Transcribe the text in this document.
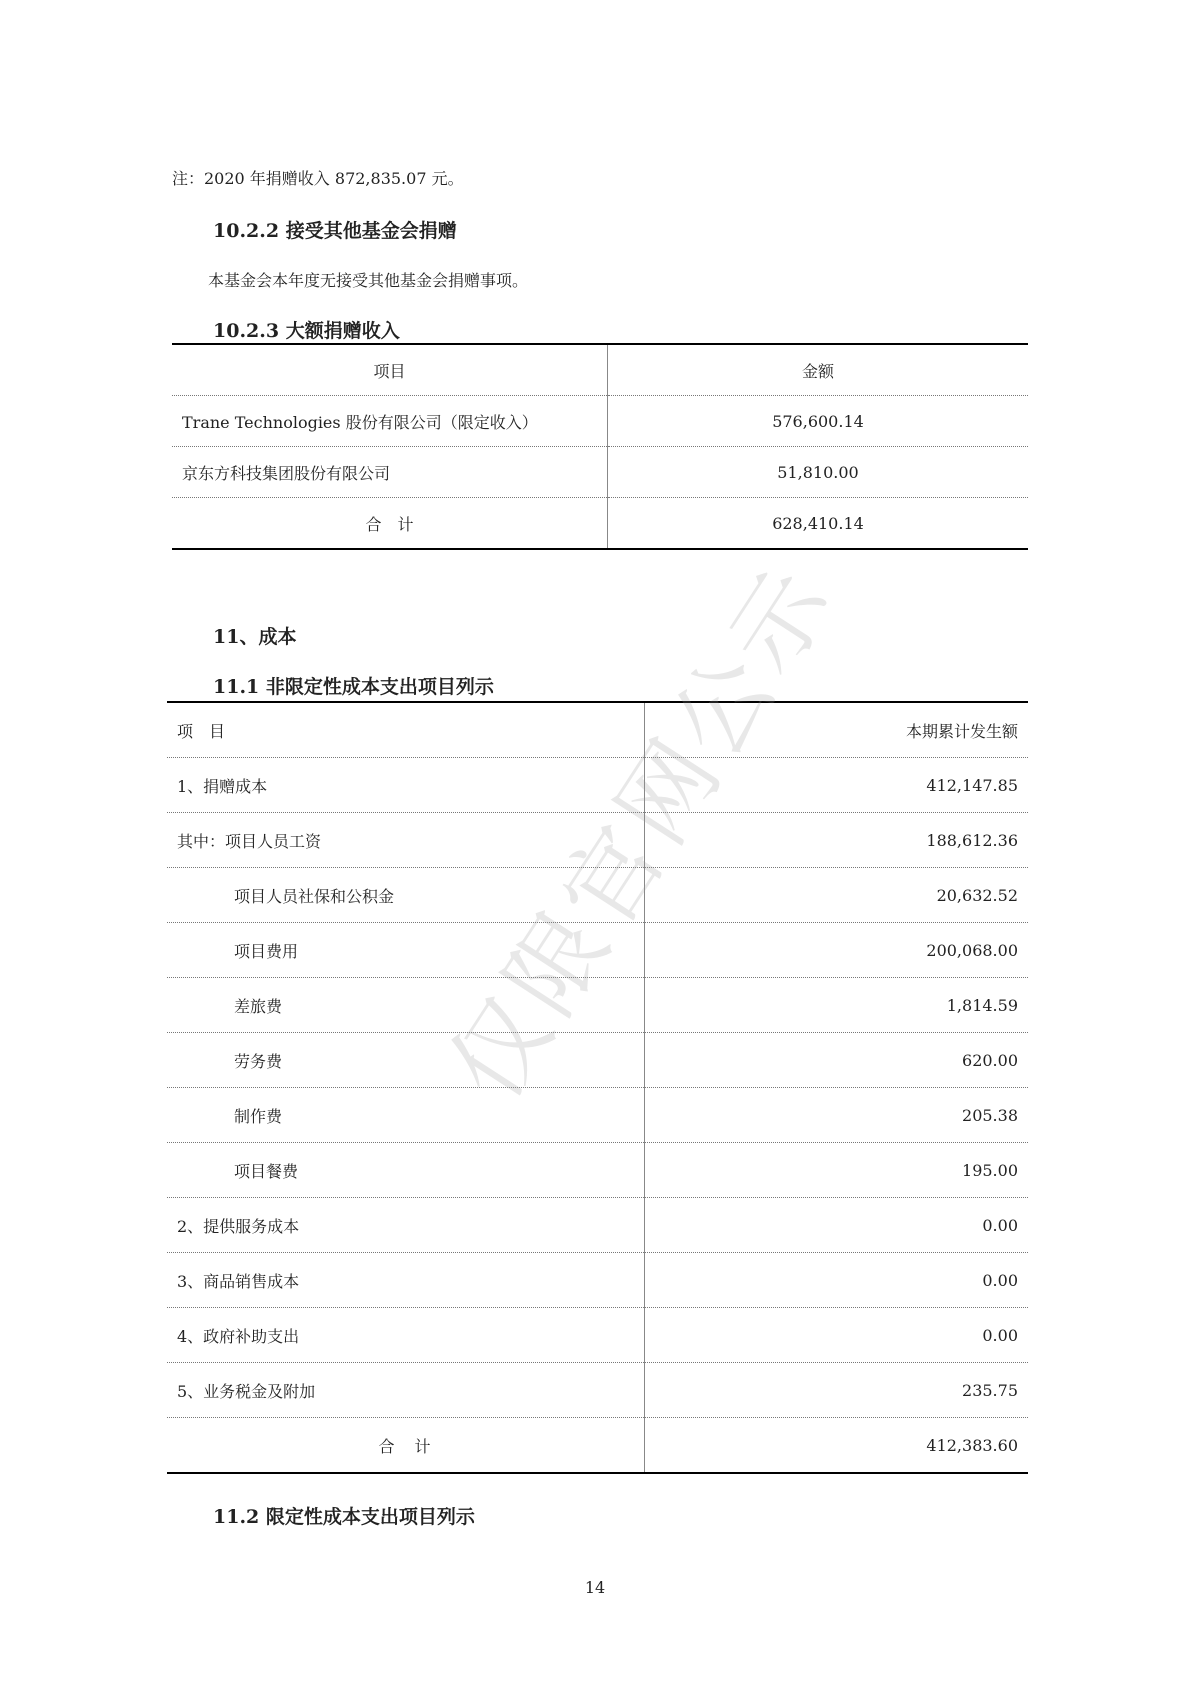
注：2020 年捐赠收入 872,835.07 元。
10.2.2 接受其他基金会捐赠
本基金会本年度无接受其他基金会捐赠事项。
10.2.3 大额捐赠收入
项目	金额
Trane Technologies 股份有限公司（限定收入）	576,600.14
京东方科技集团股份有限公司	51,810.00
合　计	628,410.14
11、成本
11.1 非限定性成本支出项目列示
项　目	本期累计发生额
1、捐赠成本	412,147.85
其中：项目人员工资	188,612.36
项目人员社保和公积金	20,632.52
项目费用	200,068.00
差旅费	1,814.59
劳务费	620.00
制作费	205.38
项目餐费	195.00
2、提供服务成本	0.00
3、商品销售成本	0.00
4、政府补助支出	0.00
5、业务税金及附加	235.75
合　计	412,383.60
11.2 限定性成本支出项目列示
仅限官网公示
14
